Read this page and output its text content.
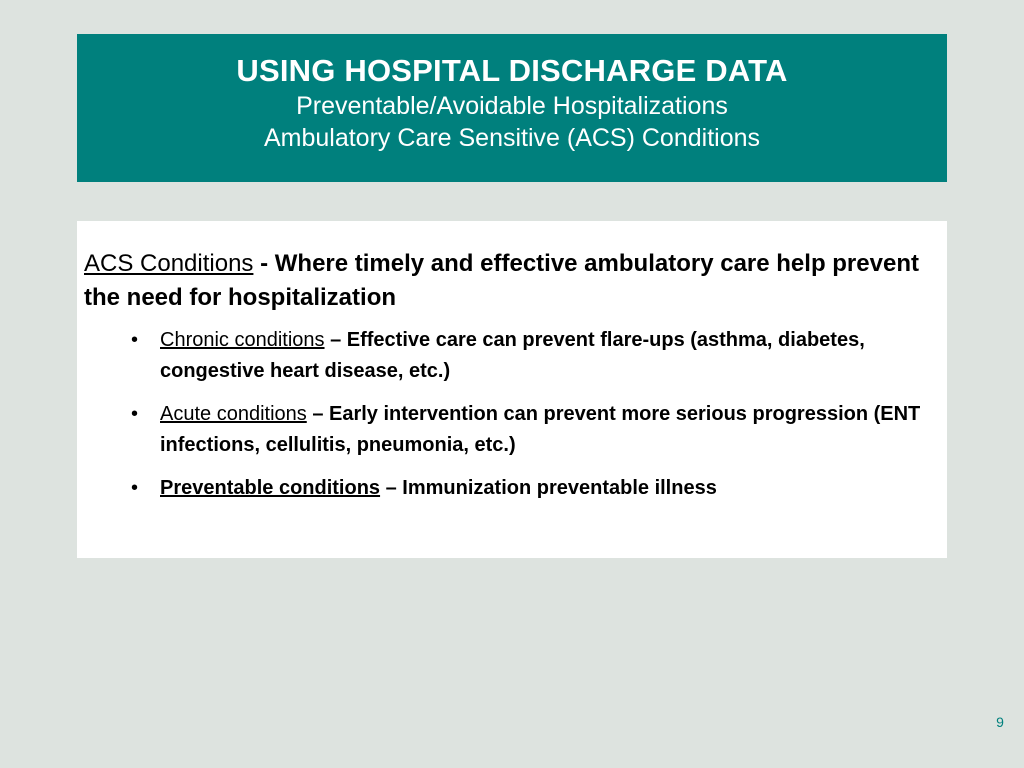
USING HOSPITAL DISCHARGE DATA
Preventable/Avoidable Hospitalizations
Ambulatory Care Sensitive (ACS) Conditions
ACS Conditions - Where timely and effective ambulatory care help prevent the need for hospitalization
• Chronic conditions – Effective care can prevent flare-ups (asthma, diabetes, congestive heart disease, etc.)
• Acute conditions – Early intervention can prevent more serious progression (ENT infections, cellulitis, pneumonia, etc.)
• Preventable conditions – Immunization preventable illness
9
